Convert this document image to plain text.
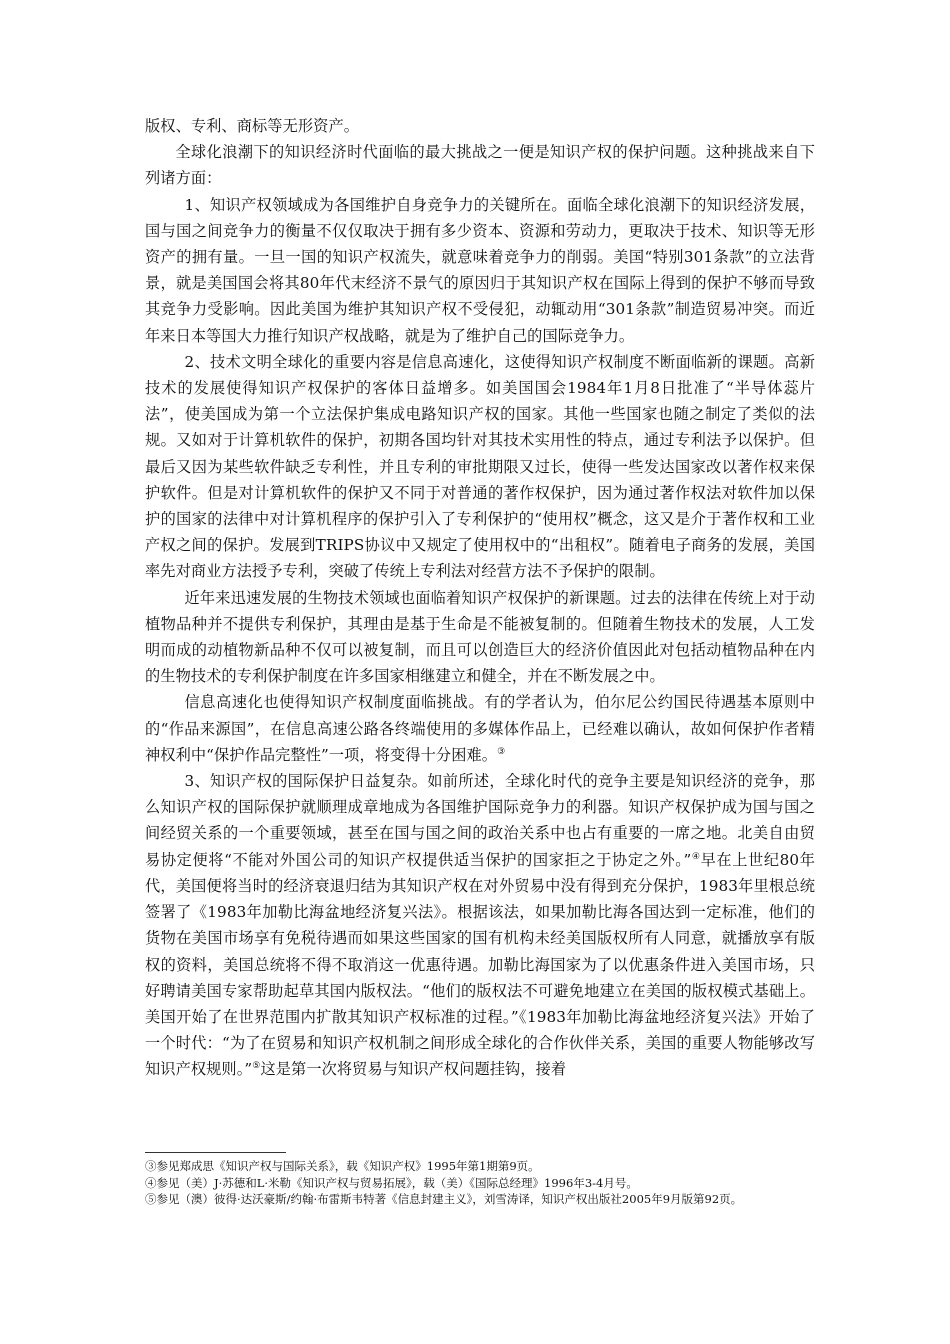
版权、专利、商标等无形资产。

全球化浪潮下的知识经济时代面临的最大挑战之一便是知识产权的保护问题。这种挑战来自下列诸方面：

1、知识产权领域成为各国维护自身竞争力的关键所在。面临全球化浪潮下的知识经济发展，国与国之间竞争力的衡量不仅仅取决于拥有多少资本、资源和劳动力，更取决于技术、知识等无形资产的拥有量。一旦一国的知识产权流失，就意味着竞争力的削弱。美国“特别301条款”的立法背景，就是美国国会将其80年代末经济不景气的原因归于其知识产权在国际上得到的保护不够而导致其竞争力受影响。因此美国为维护其知识产权不受侵犯，动辄动用“301条款”制造贸易冲突。而近年来日本等国大力推行知识产权战略，就是为了维护自己的国际竞争力。

2、技术文明全球化的重要内容是信息高速化，这使得知识产权制度不断面临新的课题。高新技术的发展使得知识产权保护的客体日益增多。如美国国会1984年1月8日批准了“半导体蕊片法”，使美国成为第一个立法保护集成电路知识产权的国家。其他一些国家也随之制定了类似的法规。又如对于计算机软件的保护，初期各国均针对其技术实用性的特点，通过专利法予以保护。但最后又因为某些软件缺乏专利性，并且专利的审批期限又过长，使得一些发达国家改以著作权来保护软件。但是对计算机软件的保护又不同于对普通的著作权保护，因为通过著作权法对软件加以保护的国家的法律中对计算机程序的保护引入了专利保护的“使用权”概念，这又是介于著作权和工业产权之间的保护。发展到TRIPS协议中又规定了使用权中的“出租权”。随着电子商务的发展，美国率先对商业方法授予专利，突破了传统上专利法对经营方法不予保护的限制。

近年来迅速发展的生物技术领域也面临着知识产权保护的新课题。过去的法律在传统上对于动植物品种并不提供专利保护，其理由是基于生命是不能被复制的。但随着生物技术的发展，人工发明而成的动植物新品种不仅可以被复制，而且可以创造巨大的经济价值因此对包括动植物品种在内的生物技术的专利保护制度在许多国家相继建立和健全，并在不断发展之中。

信息高速化也使得知识产权制度面临挑战。有的学者认为，伯尔尼公约国民待遇基本原则中的“作品来源国”，在信息高速公路各终端使用的多媒体作品上，已经难以确认，故如何保护作者精神权利中“保护作品完整性”一项，将变得十分困难。③

3、知识产权的国际保护日益复杂。如前所述，全球化时代的竞争主要是知识经济的竞争，那么知识产权的国际保护就顺理成章地成为各国维护国际竞争力的利器。知识产权保护成为国与国之间经贸关系的一个重要领域，甚至在国与国之间的政治关系中也占有重要的一席之地。北美自由贸易协定便将“不能对外国公司的知识产权提供适当保护的国家拒之于协定之外。”④早在上世纪80年代，美国便将当时的经济衰退归结为其知识产权在对外贸易中没有得到充分保护，1983年里根总统签署了《1983年加勒比海盆地经济复兴法》。根据该法，如果加勒比海各国达到一定标准，他们的货物在美国市场享有免税待遇而如果这些国家的国有机构未经美国版权所有人同意，就播放享有版权的资料，美国总统将不得不取消这一优惠待遇。加勒比海国家为了以优惠条件进入美国市场，只好聘请美国专家帮助起草其国内版权法。“他们的版权法不可避免地建立在美国的版权模式基础上。美国开始了在世界范围内扩散其知识产权标准的过程。”《1983年加勒比海盆地经济复兴法》开始了一个时代：“为了在贸易和知识产权机制之间形成全球化的合作伙伴关系，美国的重要人物能够改写知识产权规则。”⑤这是第一次将贸易与知识产权问题挂钩，接着

③参见郑成思《知识产权与国际关系》，载《知识产权》1995年第1期第9页。

④参见（美）J·苏德和L·米勒《知识产权与贸易拓展》，载（美）《国际总经理》1996年3-4月号。

⑤参见（澳）彼得·达沃豪斯/约翰·布雷斯韦特著《信息封建主义》，刘雪涛译，知识产权出版社2005年9月版第92页。
